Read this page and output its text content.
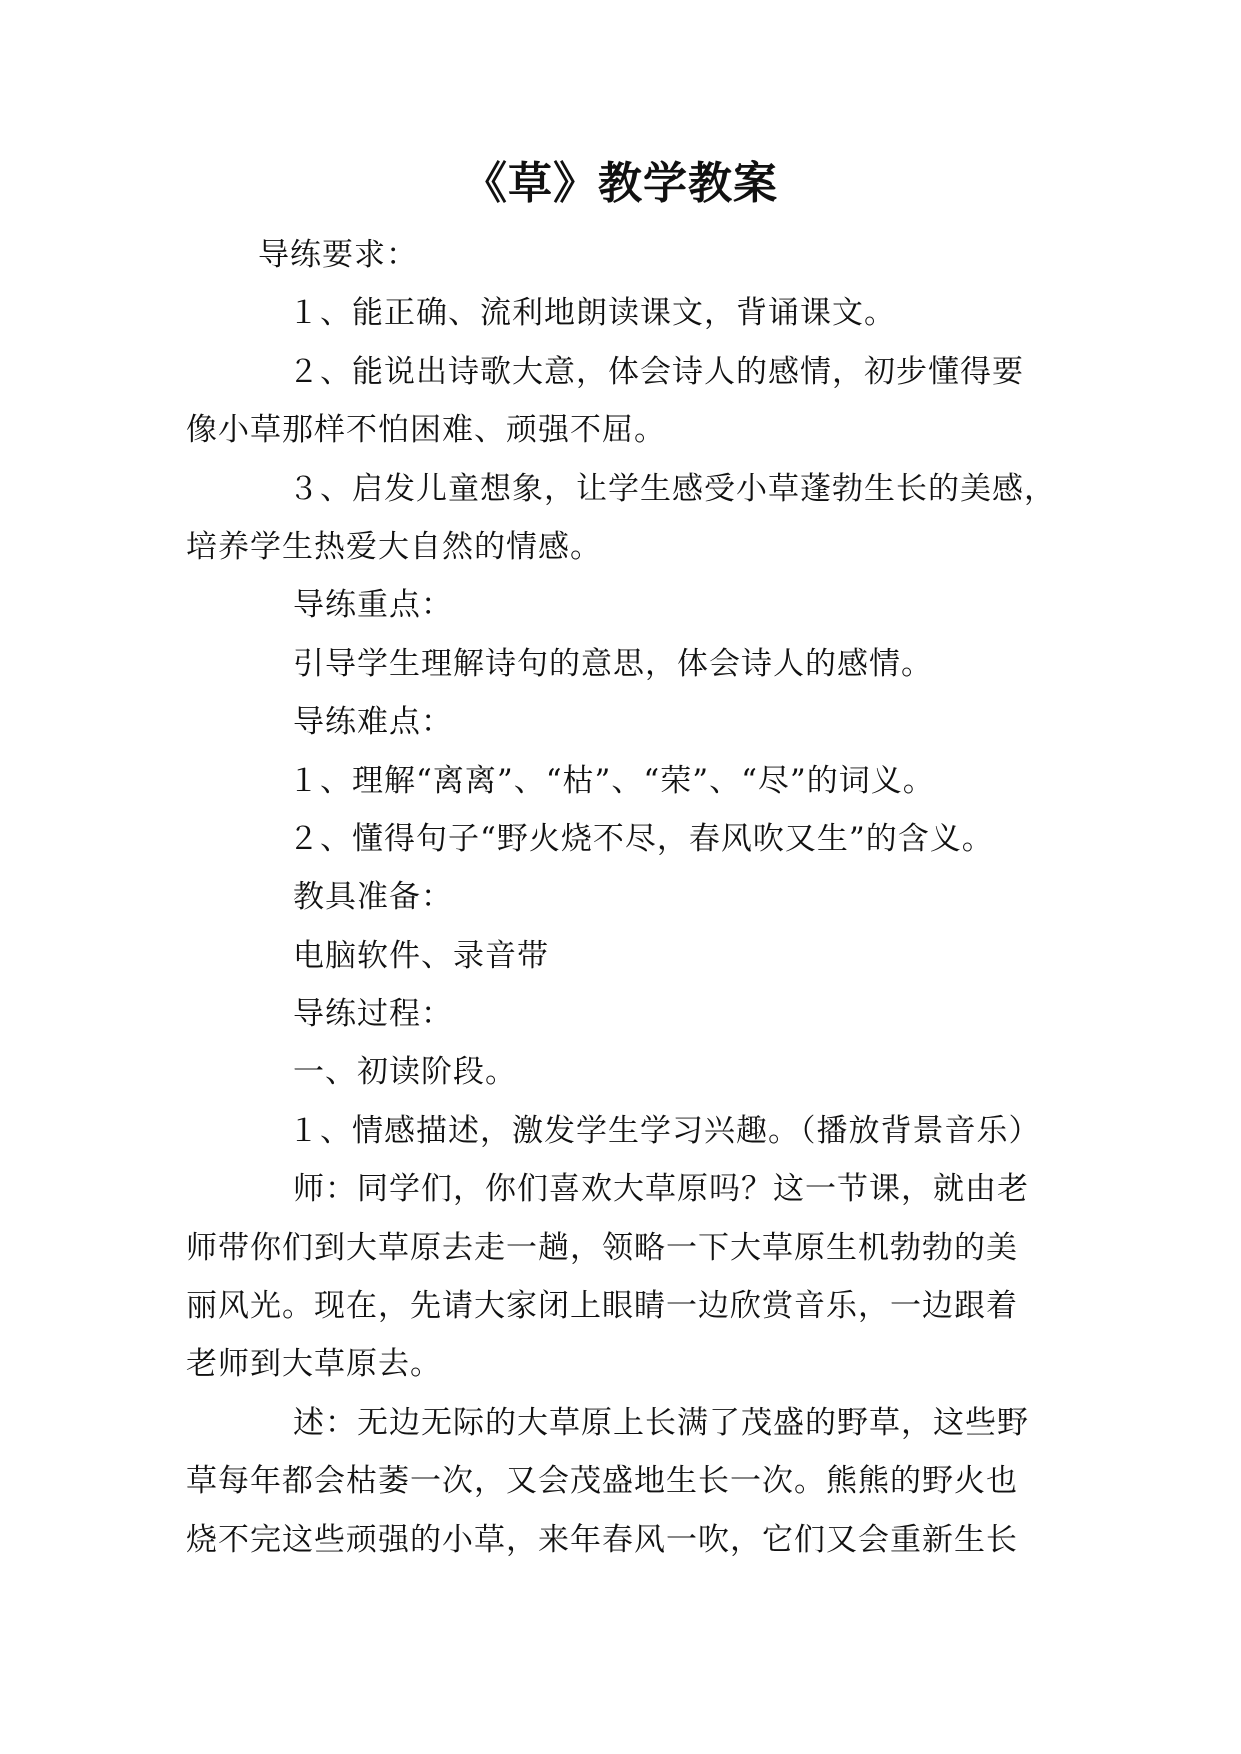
《草》教学教案
导练要求：
１、能正确、流利地朗读课文，背诵课文。
２、能说出诗歌大意，体会诗人的感情，初步懂得要
像小草那样不怕困难、顽强不屈。
３、启发儿童想象，让学生感受小草蓬勃生长的美感，
培养学生热爱大自然的情感。
导练重点：
引导学生理解诗句的意思，体会诗人的感情。
导练难点：
１、理解“离离”、“枯”、“荣”、“尽”的词义。
２、懂得句子“野火烧不尽，春风吹又生”的含义。
教具准备：
电脑软件、录音带
导练过程：
一、初读阶段。
１、情感描述，激发学生学习兴趣。（播放背景音乐）
师：同学们，你们喜欢大草原吗？这一节课，就由老
师带你们到大草原去走一趟，领略一下大草原生机勃勃的美
丽风光。现在，先请大家闭上眼睛一边欣赏音乐，一边跟着
老师到大草原去。
述：无边无际的大草原上长满了茂盛的野草，这些野
草每年都会枯萎一次，又会茂盛地生长一次。熊熊的野火也
烧不完这些顽强的小草，来年春风一吹，它们又会重新生长
